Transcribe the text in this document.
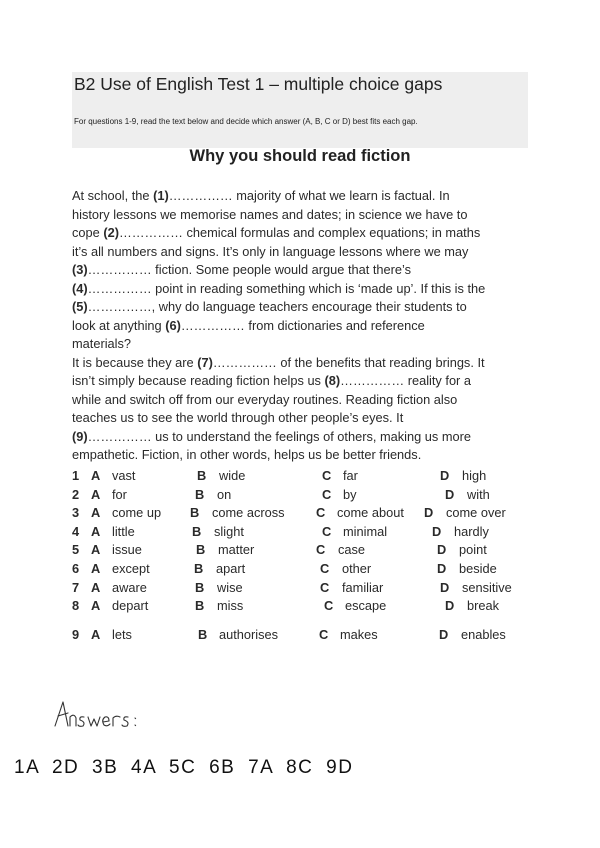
B2 Use of English Test 1 – multiple choice gaps
For questions 1-9, read the text below and decide which answer (A, B, C or D) best fits each gap.
Why you should read fiction
At school, the (1)…………… majority of what we learn is factual. In
history lessons we memorise names and dates; in science we have to
cope (2)…………… chemical formulas and complex equations; in maths
it’s all numbers and signs. It’s only in language lessons where we may
(3)…………… fiction. Some people would argue that there’s
(4)…………… point in reading something which is ‘made up’. If this is the
(5)……………, why do language teachers encourage their students to
look at anything (6)…………… from dictionaries and reference
materials?
It is because they are (7)…………… of the benefits that reading brings. It
isn’t simply because reading fiction helps us (8)…………… reality for a
while and switch off from our everyday routines. Reading fiction also
teaches us to see the world through other people’s eyes. It
(9)…………… us to understand the feelings of others, making us more
empathetic. Fiction, in other words, helps us be better friends.
1 A vast	B wide	C far	D high
2 A for	B on	C by	D with
3 A come up B come across C come about D come over
4 A little	B slight	C minimal	D hardly
5 A issue	B matter	C case	D point
6 A except	B apart	C other	D beside
7 A aware	B wise	C familiar	D sensitive
8 A depart	B miss	C escape	D break
9 A lets	B authorises	C makes	D enables
1A 2D 3B 4A 5C 6B 7A 8C 9D
